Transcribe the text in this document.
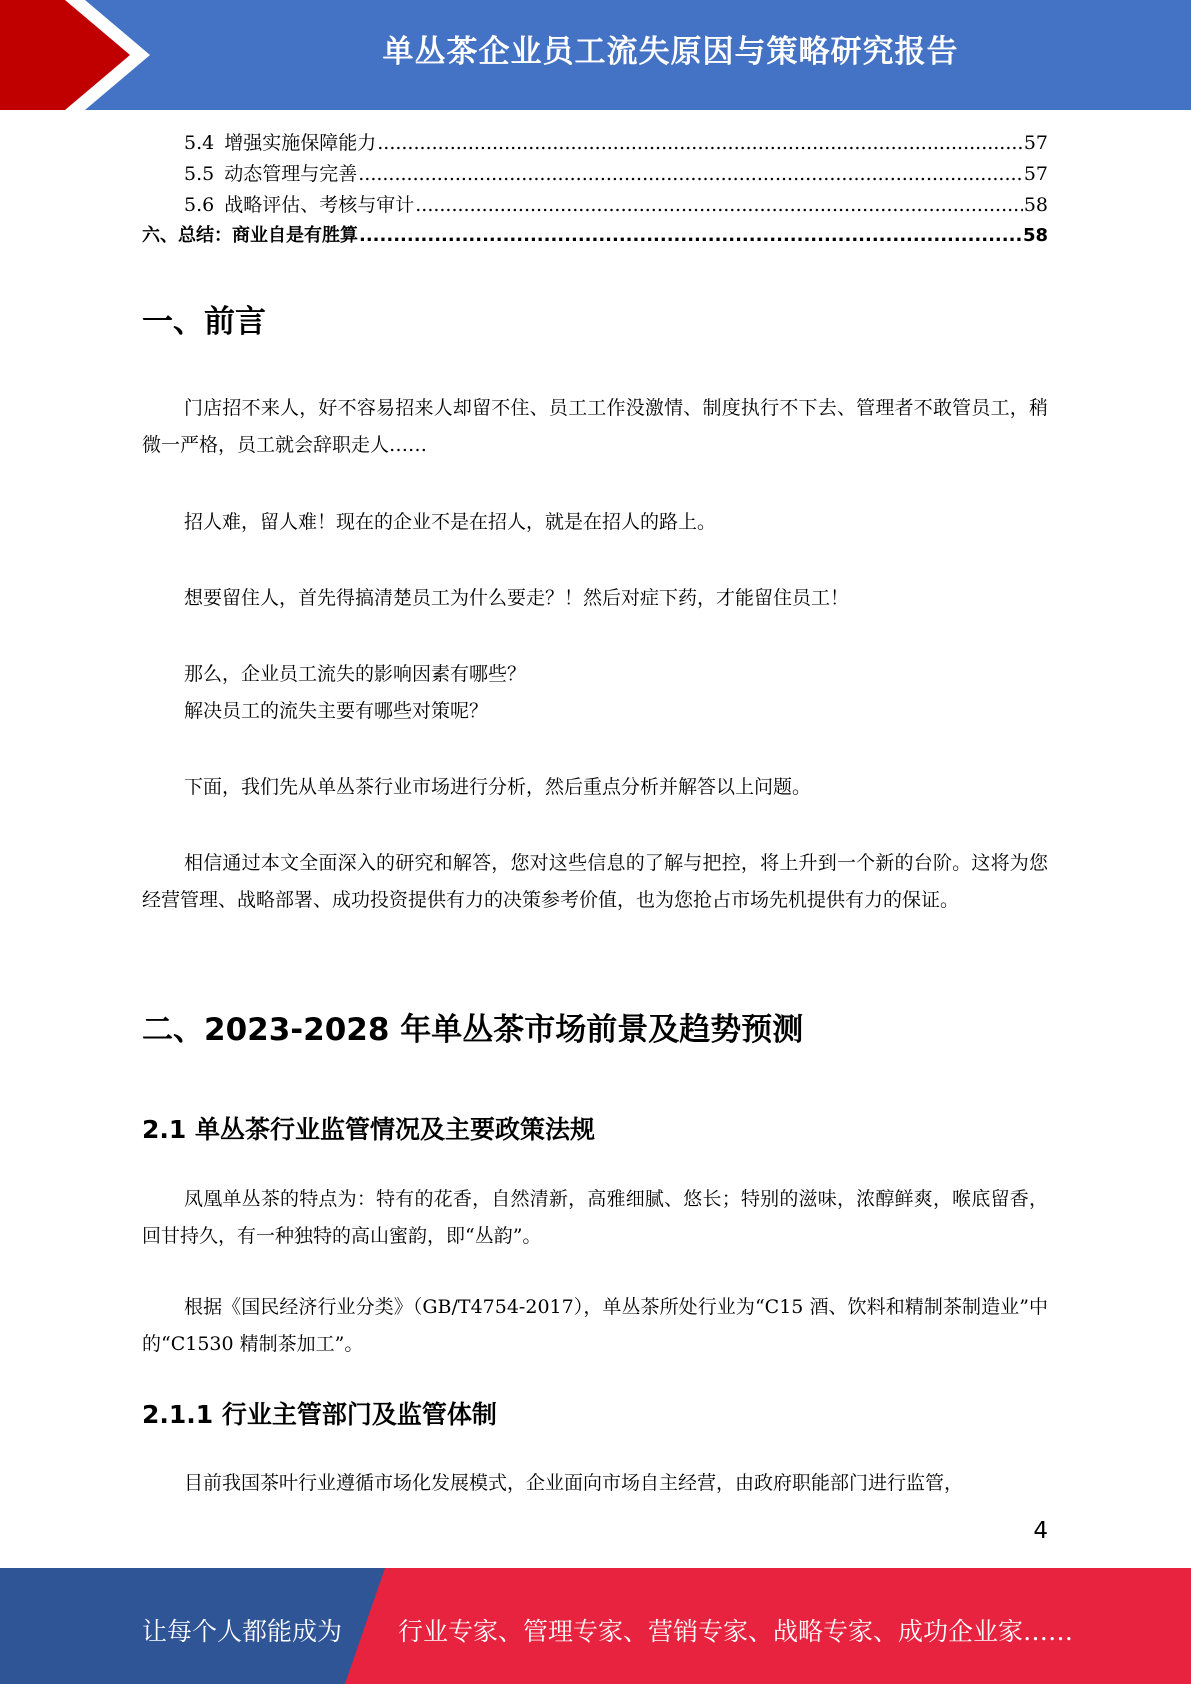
单丛茶企业员工流失原因与策略研究报告
5.4 增强实施保障能力 .....	57
5.5 动态管理与完善 .....	57
5.6 战略评估、考核与审计 .....	58
六、总结：商业自是有胜算 .....	58
一、前言

门店招不来人，好不容易招来人却留不住、员工工作没激情、制度执行不下去、管理者不敢管员工，稍微一严格，员工就会辞职走人……

招人难，留人难！现在的企业不是在招人，就是在招人的路上。

想要留住人，首先得搞清楚员工为什么要走？！然后对症下药，才能留住员工！

那么，企业员工流失的影响因素有哪些？

解决员工的流失主要有哪些对策呢？

下面，我们先从单丛茶行业市场进行分析，然后重点分析并解答以上问题。

相信通过本文全面深入的研究和解答，您对这些信息的了解与把控，将上升到一个新的台阶。这将为您经营管理、战略部署、成功投资提供有力的决策参考价值，也为您抢占市场先机提供有力的保证。

二、2023-2028 年单丛茶市场前景及趋势预测
2.1 单丛茶行业监管情况及主要政策法规

凤凰单丛茶的特点为：特有的花香，自然清新，高雅细腻、悠长；特别的滋味，浓醇鲜爽，喉底留香，回甘持久，有一种独特的高山蜜韵，即“丛韵”。

根据《国民经济行业分类》（GB/T4754-2017），单丛茶所处行业为“C15 酒、饮料和精制茶制造业”中的“C1530 精制茶加工”。

2.1.1 行业主管部门及监管体制

目前我国茶叶行业遵循市场化发展模式，企业面向市场自主经营，由政府职能部门进行监管，

4
让每个人都能成为 行业专家、管理专家、营销专家、战略专家、成功企业家……
